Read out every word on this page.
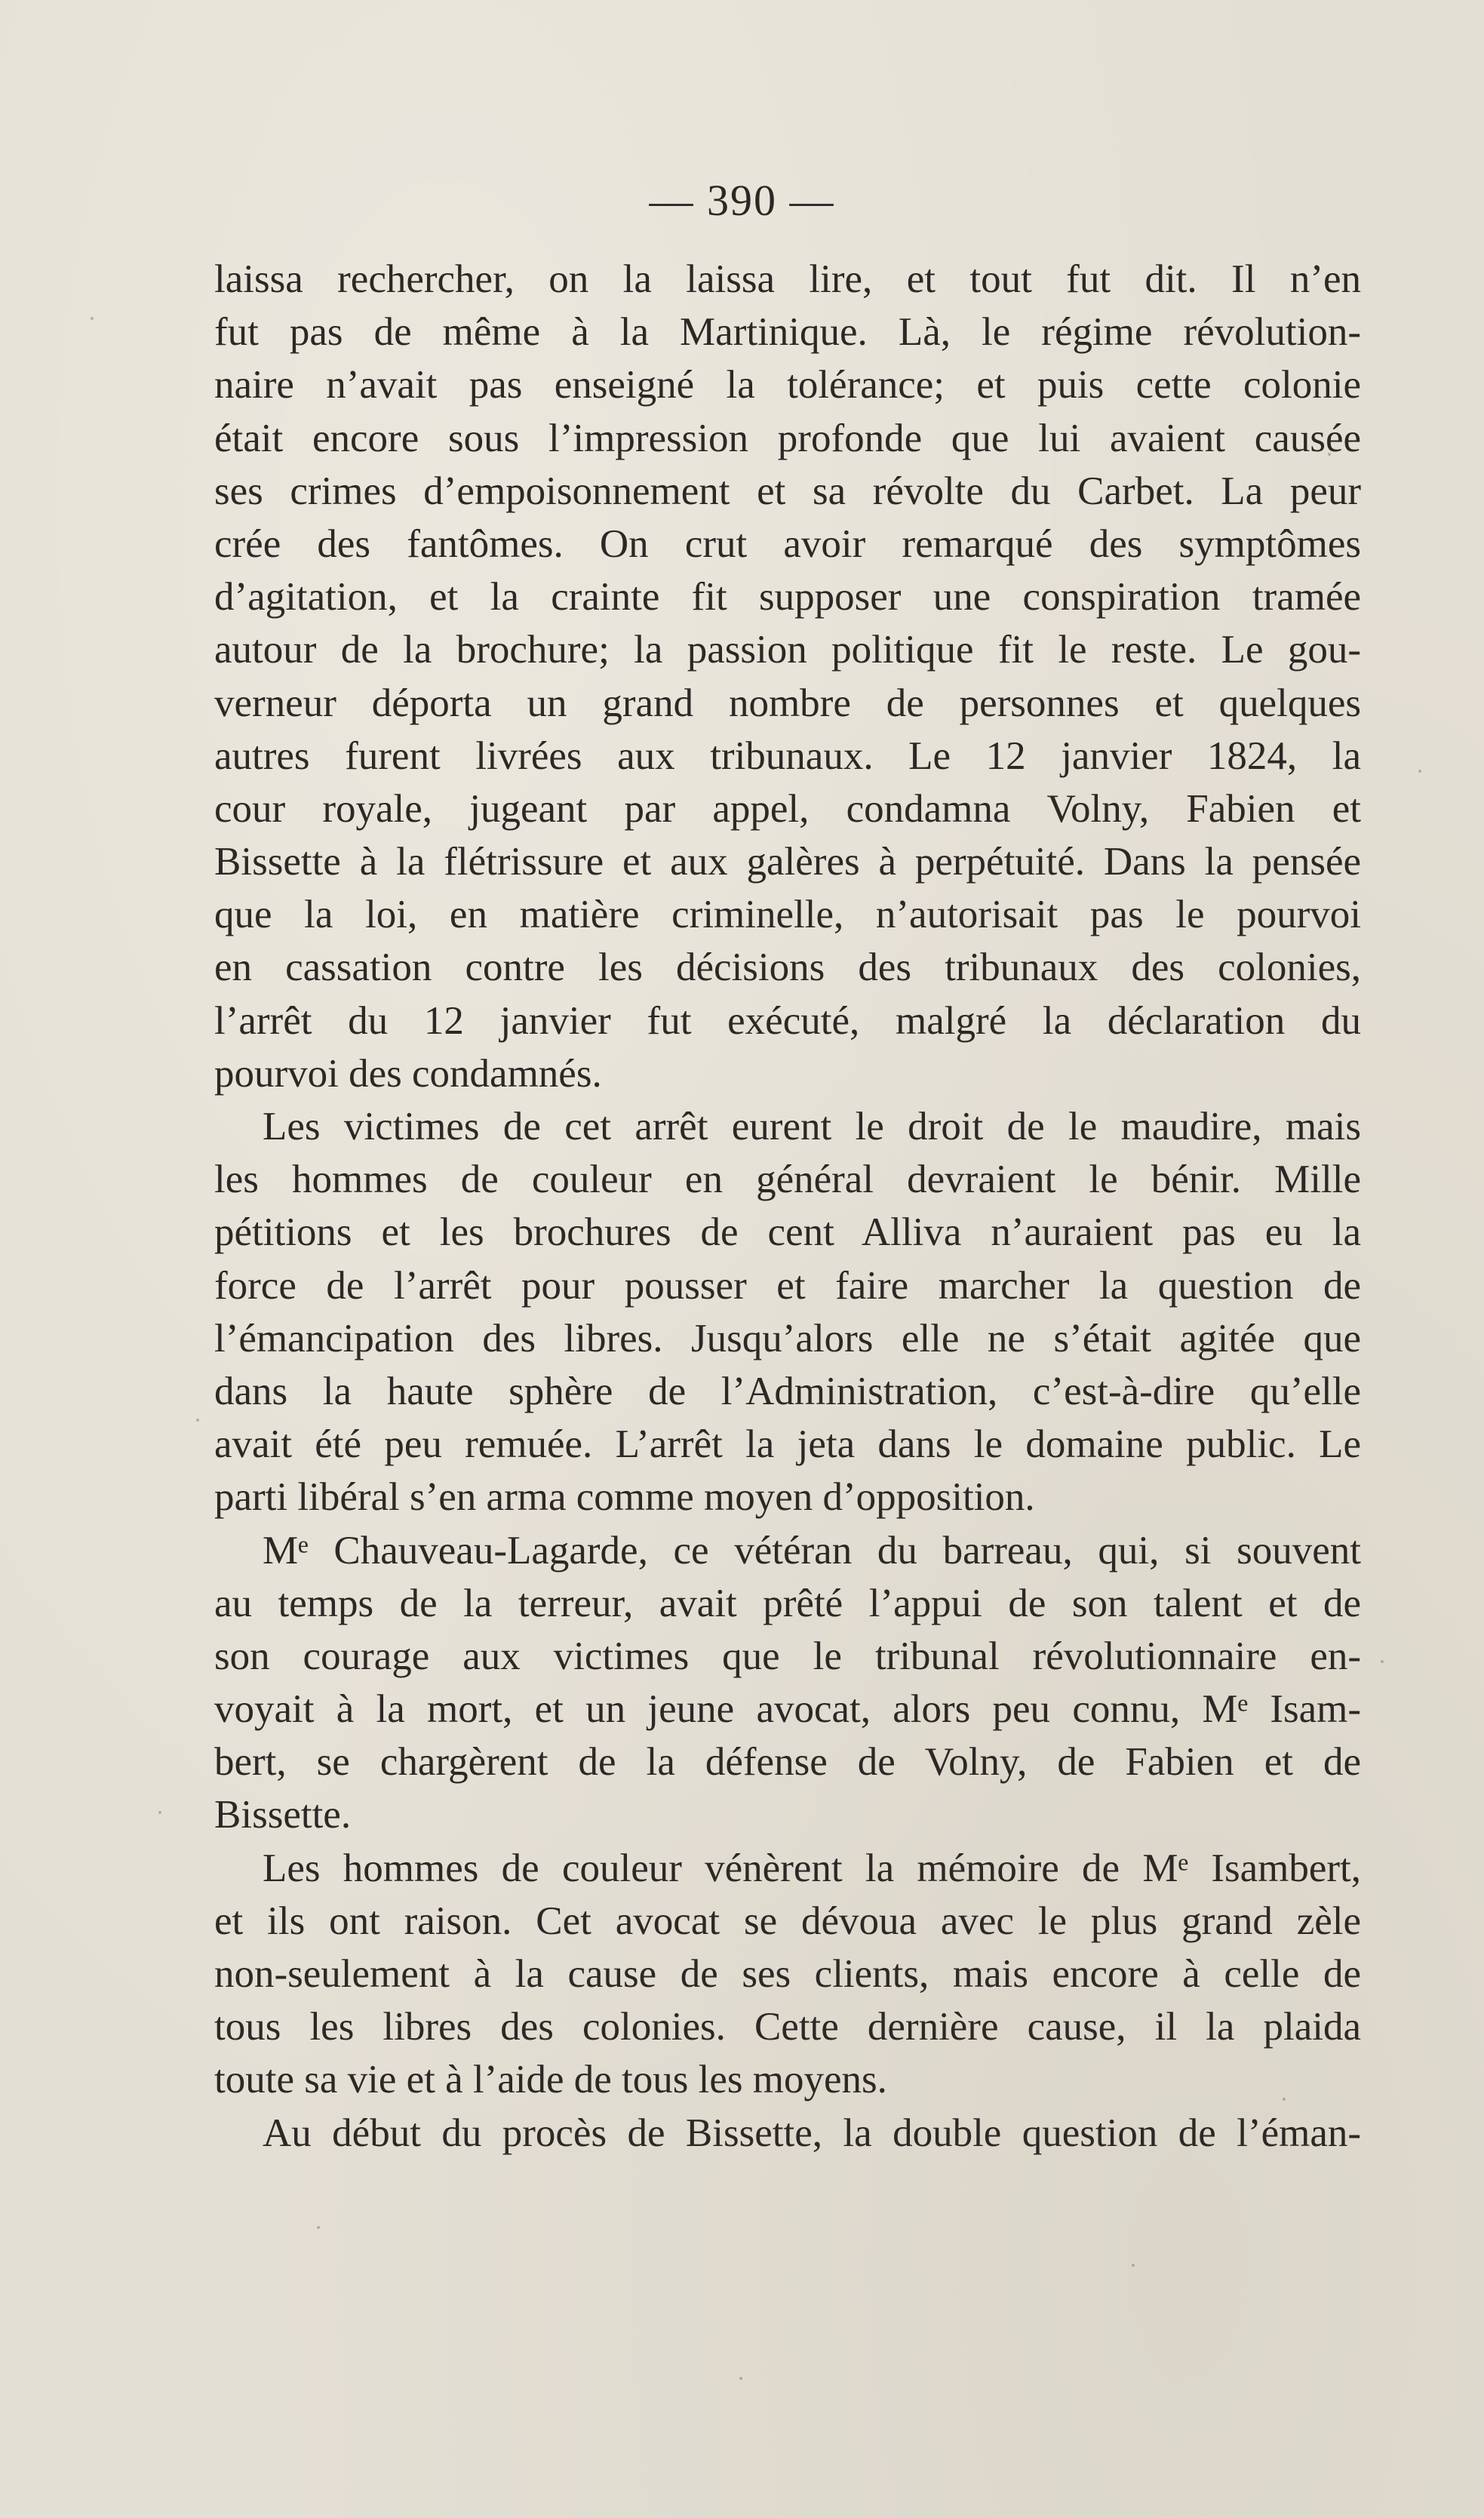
— 390 —
laissa rechercher, on la laissa lire, et tout fut dit. Il n’en
fut pas de même à la Martinique. Là, le régime révolution-
naire n’avait pas enseigné la tolérance; et puis cette colonie
était encore sous l’impression profonde que lui avaient causée
ses crimes d’empoisonnement et sa révolte du Carbet. La peur
crée des fantômes. On crut avoir remarqué des symptômes
d’agitation, et la crainte fit supposer une conspiration tramée
autour de la brochure; la passion politique fit le reste. Le gou-
verneur déporta un grand nombre de personnes et quelques
autres furent livrées aux tribunaux. Le 12 janvier 1824, la
cour royale, jugeant par appel, condamna Volny, Fabien et
Bissette à la flétrissure et aux galères à perpétuité. Dans la pensée
que la loi, en matière criminelle, n’autorisait pas le pourvoi
en cassation contre les décisions des tribunaux des colonies,
l’arrêt du 12 janvier fut exécuté, malgré la déclaration du
pourvoi des condamnés.
Les victimes de cet arrêt eurent le droit de le maudire, mais
les hommes de couleur en général devraient le bénir. Mille
pétitions et les brochures de cent Alliva n’auraient pas eu la
force de l’arrêt pour pousser et faire marcher la question de
l’émancipation des libres. Jusqu’alors elle ne s’était agitée que
dans la haute sphère de l’Administration, c’est-à-dire qu’elle
avait été peu remuée. L’arrêt la jeta dans le domaine public. Le
parti libéral s’en arma comme moyen d’opposition.
Mᵉ Chauveau-Lagarde, ce vétéran du barreau, qui, si souvent
au temps de la terreur, avait prêté l’appui de son talent et de
son courage aux victimes que le tribunal révolutionnaire en-
voyait à la mort, et un jeune avocat, alors peu connu, Mᵉ Isam-
bert, se chargèrent de la défense de Volny, de Fabien et de
Bissette.
Les hommes de couleur vénèrent la mémoire de Mᵉ Isambert,
et ils ont raison. Cet avocat se dévoua avec le plus grand zèle
non-seulement à la cause de ses clients, mais encore à celle de
tous les libres des colonies. Cette dernière cause, il la plaida
toute sa vie et à l’aide de tous les moyens.
Au début du procès de Bissette, la double question de l’éman-
